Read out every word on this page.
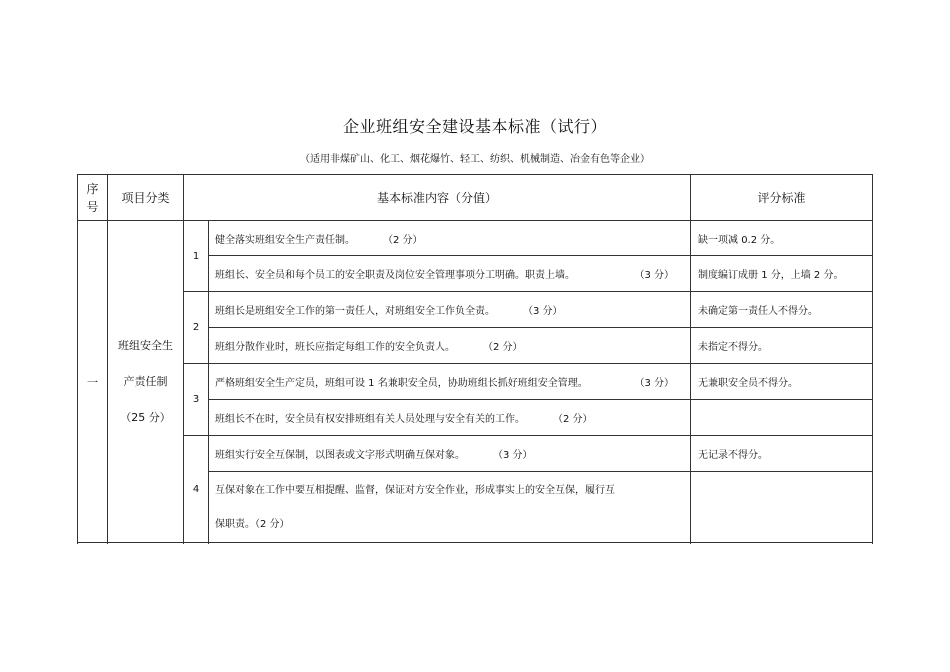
企业班组安全建设基本标准（试行）
（适用非煤矿山、化工、烟花爆竹、轻工、纺织、机械制造、冶金有色等企业）
序
号	项目分类	基本标准内容（分值）		评分标准
一	班组安全生
产责任制
（25 分）	1	健全落实班组安全生产责任制。 （2 分）	缺一项减 0.2 分。
			班组长、安全员和每个员工的安全职责及岗位安全管理事项分工明确。职责上墙。 （3 分）	制度编订成册 1 分，上墙 2 分。
		2	班组长是班组安全工作的第一责任人，对班组安全工作负全责。 （3 分）	未确定第一责任人不得分。
			班组分散作业时，班长应指定每组工作的安全负责人。 （2 分）	未指定不得分。
		3	严格班组安全生产定员，班组可设 1 名兼职安全员，协助班组长抓好班组安全管理。 （3 分）	无兼职安全员不得分。
			班组长不在时，安全员有权安排班组有关人员处理与安全有关的工作。 （2 分）	
		4	班组实行安全互保制，以图表或文字形式明确互保对象。 （3 分）	无记录不得分。
			互保对象在工作中要互相提醒、监督，保证对方安全作业，形成事实上的安全互保，履行互
保职责。（2 分）	
